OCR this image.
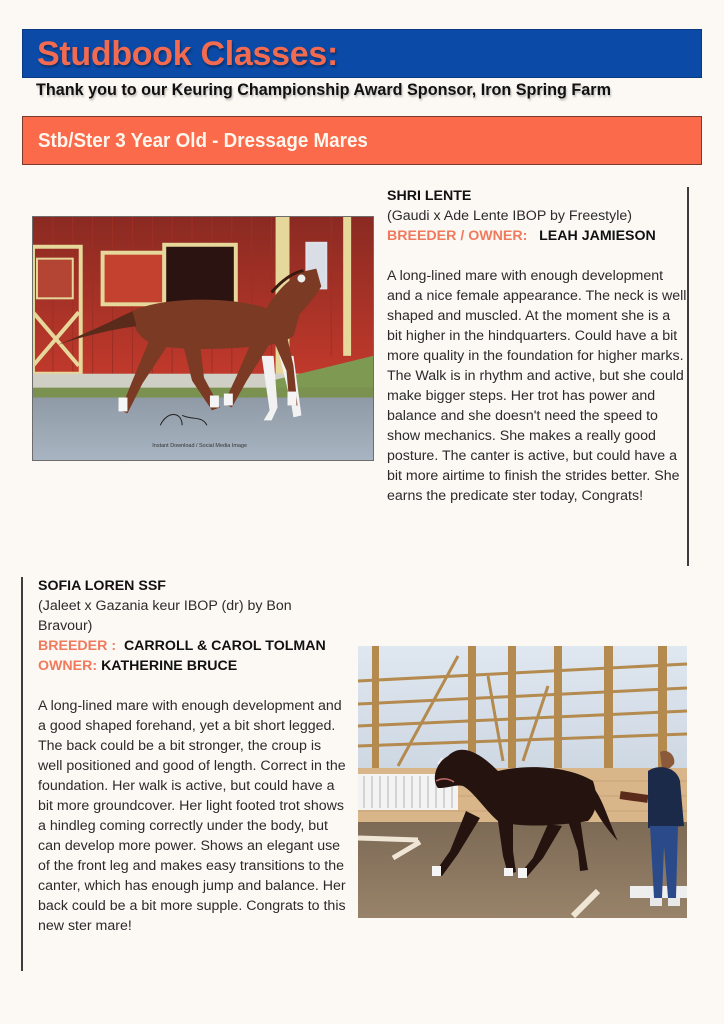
Studbook Classes:
Thank you to our Keuring Championship Award Sponsor, Iron Spring Farm
Stb/Ster 3 Year Old - Dressage Mares
Instant Download / Social Media Image

SHRI LENTE

(Gaudi x Ade Lente IBOP by Freestyle)

BREEDER / OWNER: LEAH JAMIESON

A long-lined mare with enough development and a nice female appearance. The neck is well shaped and muscled. At the moment she is a bit higher in the hindquarters. Could have a bit more quality in the foundation for higher marks.

The Walk is in rhythm and active, but she could make bigger steps. Her trot has power and balance and she doesn't need the speed to show mechanics. She makes a really good posture. The canter is active, but could have a bit more airtime to finish the strides better. She earns the predicate ster today, Congrats!

SOFIA LOREN SSF

(Jaleet x Gazania keur IBOP (dr) by Bon Bravour)

BREEDER : CARROLL & CAROL TOLMAN

OWNER: KATHERINE BRUCE

A long-lined mare with enough development and a good shaped forehand, yet a bit short legged. The back could be a bit stronger, the croup is well positioned and good of length. Correct in the foundation. Her walk is active, but could have a bit more groundcover. Her light footed trot shows a hindleg coming correctly under the body, but can develop more power. Shows an elegant use of the front leg and makes easy transitions to the canter, which has enough jump and balance. Her back could be a bit more supple. Congrats to this new ster mare!
